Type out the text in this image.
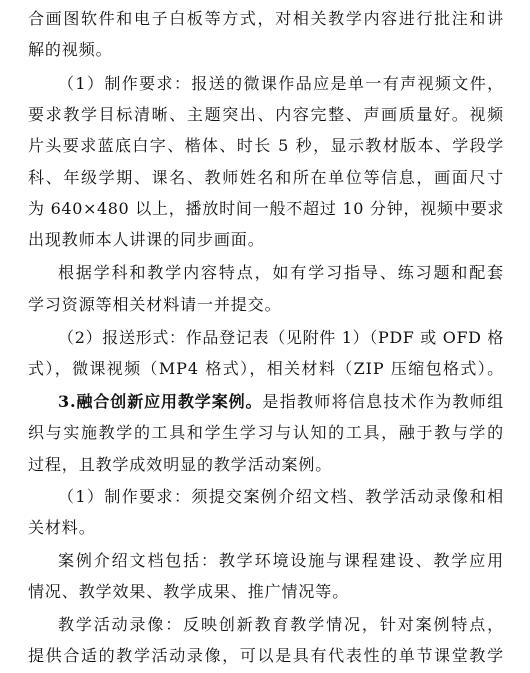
合画图软件和电子白板等方式，对相关教学内容进行批注和讲
解的视频。
（1）制作要求：报送的微课作品应是单一有声视频文件，
要求教学目标清晰、主题突出、内容完整、声画质量好。视频
片头要求蓝底白字、楷体、时长 5 秒，显示教材版本、学段学
科、年级学期、课名、教师姓名和所在单位等信息，画面尺寸
为 640×480 以上，播放时间一般不超过 10 分钟，视频中要求
出现教师本人讲课的同步画面。
根据学科和教学内容特点，如有学习指导、练习题和配套
学习资源等相关材料请一并提交。
（2）报送形式：作品登记表（见附件 1）（PDF 或 OFD 格
式），微课视频（MP4 格式），相关材料（ZIP 压缩包格式）。
3.融合创新应用教学案例。 是指教师将信息技术作为教师组
织与实施教学的工具和学生学习与认知的工具，融于教与学的
过程，且教学成效明显的教学活动案例。
（1）制作要求：须提交案例介绍文档、教学活动录像和相
关材料。
案例介绍文档包括：教学环境设施与课程建设、教学应用
情况、教学效果、教学成果、推广情况等。
教学活动录像：反映创新教育教学情况，针对案例特点，
提供合适的教学活动录像，可以是具有代表性的单节课堂教学
